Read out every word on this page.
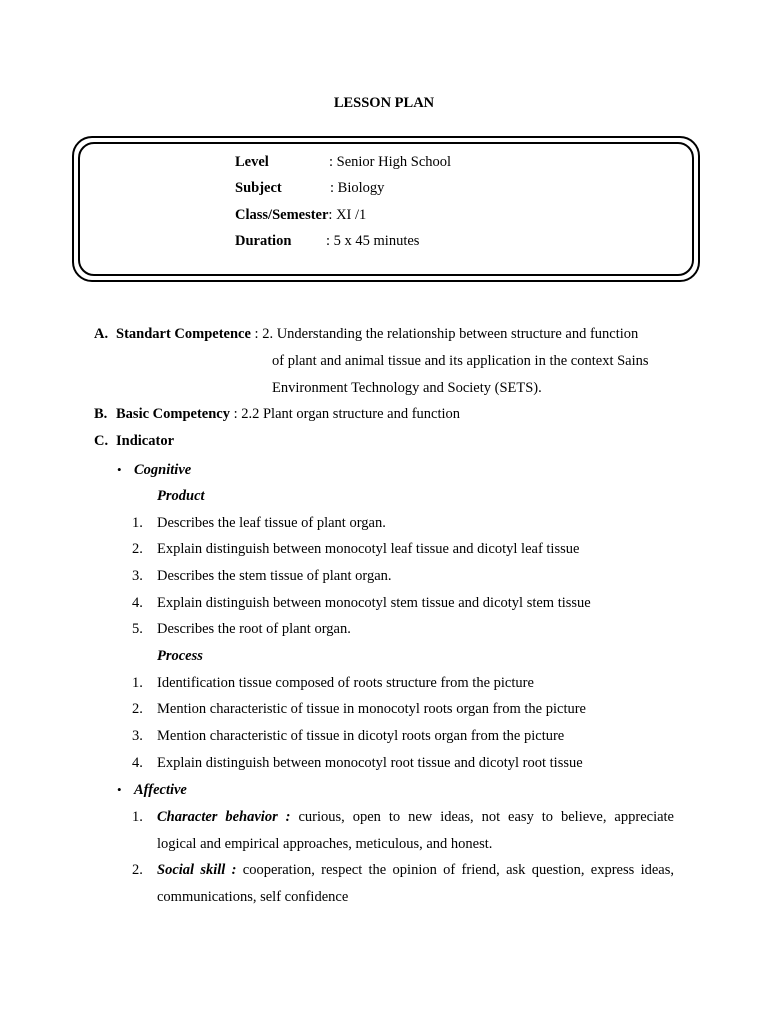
LESSON PLAN
Level	: Senior High School
Subject	: Biology
Class/Semester: XI /1
Duration : 5 x 45 minutes
A. Standart Competence : 2. Understanding the relationship between structure and function
of plant and animal tissue and its application in the context Sains
Environment Technology and Society (SETS).
B. Basic Competency : 2.2 Plant organ structure and function
C. Indicator
• Cognitive
Product
1. Describes the leaf tissue of plant organ.
2. Explain distinguish between monocotyl leaf tissue and dicotyl leaf tissue
3. Describes the stem tissue of plant organ.
4. Explain distinguish between monocotyl stem tissue and dicotyl stem tissue
5. Describes the root of plant organ.
Process
1. Identification tissue composed of roots structure from the picture
2. Mention characteristic of tissue in monocotyl roots organ from the picture
3. Mention characteristic of tissue in dicotyl roots organ from the picture
4. Explain distinguish between monocotyl root tissue and dicotyl root tissue
• Affective
1. Character behavior : curious, open to new ideas, not easy to believe, appreciate
logical and empirical approaches, meticulous, and honest.
2. Social skill : cooperation, respect the opinion of friend, ask question, express ideas,
communications, self confidence
